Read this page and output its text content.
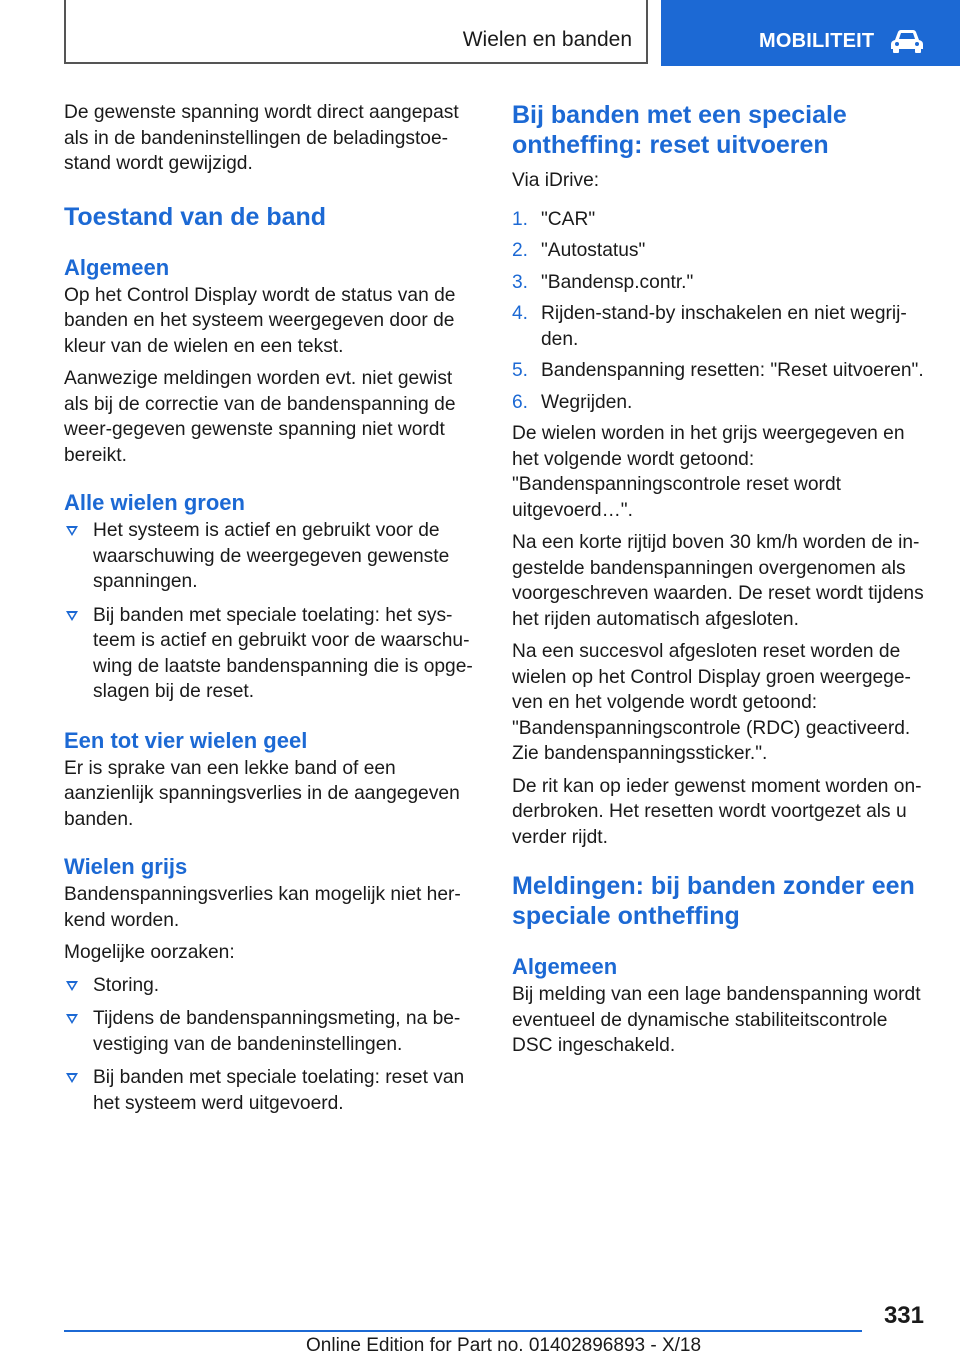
Wielen en banden	MOBILITEIT

De gewenste spanning wordt direct aangepast als in de bandeninstellingen de beladingstoe-stand wordt gewijzigd.

Toestand van de band
Algemeen

Op het Control Display wordt de status van de banden en het systeem weergegeven door de kleur van de wielen en een tekst.

Aanwezige meldingen worden evt. niet gewist als bij de correctie van de bandenspanning de weer-gegeven gewenste spanning niet wordt bereikt.

Alle wielen groen
Het systeem is actief en gebruikt voor de waarschuwing de weergegeven gewenste spanningen.
Bij banden met speciale toelating: het sys-teem is actief en gebruikt voor de waarschu-wing de laatste bandenspanning die is opge-slagen bij de reset.
Een tot vier wielen geel

Er is sprake van een lekke band of een aanzienlijk spanningsverlies in de aangegeven banden.

Wielen grijs

Bandenspanningsverlies kan mogelijk niet her-kend worden.

Mogelijke oorzaken:

Storing.
Tijdens de bandenspanningsmeting, na be-vestiging van de bandeninstellingen.
Bij banden met speciale toelating: reset van het systeem werd uitgevoerd.
Bij banden met een speciale ontheffing: reset uitvoeren

Via iDrive:

1. "CAR"
2. "Autostatus"
3. "Bandensp.contr."
4. Rijden-stand-by inschakelen en niet wegrij-den.
5. Bandenspanning resetten: "Reset uitvoeren".
6. Wegrijden.

De wielen worden in het grijs weergegeven en het volgende wordt getoond: "Bandenspanningscontrole reset wordt uitgevoerd…".

Na een korte rijtijd boven 30 km/h worden de in-gestelde bandenspanningen overgenomen als voorgeschreven waarden. De reset wordt tijdens het rijden automatisch afgesloten.

Na een succesvol afgesloten reset worden de wielen op het Control Display groen weergege-ven en het volgende wordt getoond: "Bandenspanningscontrole (RDC) geactiveerd. Zie bandenspanningssticker.".

De rit kan op ieder gewenst moment worden on-derbroken. Het resetten wordt voortgezet als u verder rijdt.

Meldingen: bij banden zonder een speciale ontheffing
Algemeen

Bij melding van een lage bandenspanning wordt eventueel de dynamische stabiliteitscontrole DSC ingeschakeld.

331
Online Edition for Part no. 01402896893 - X/18
